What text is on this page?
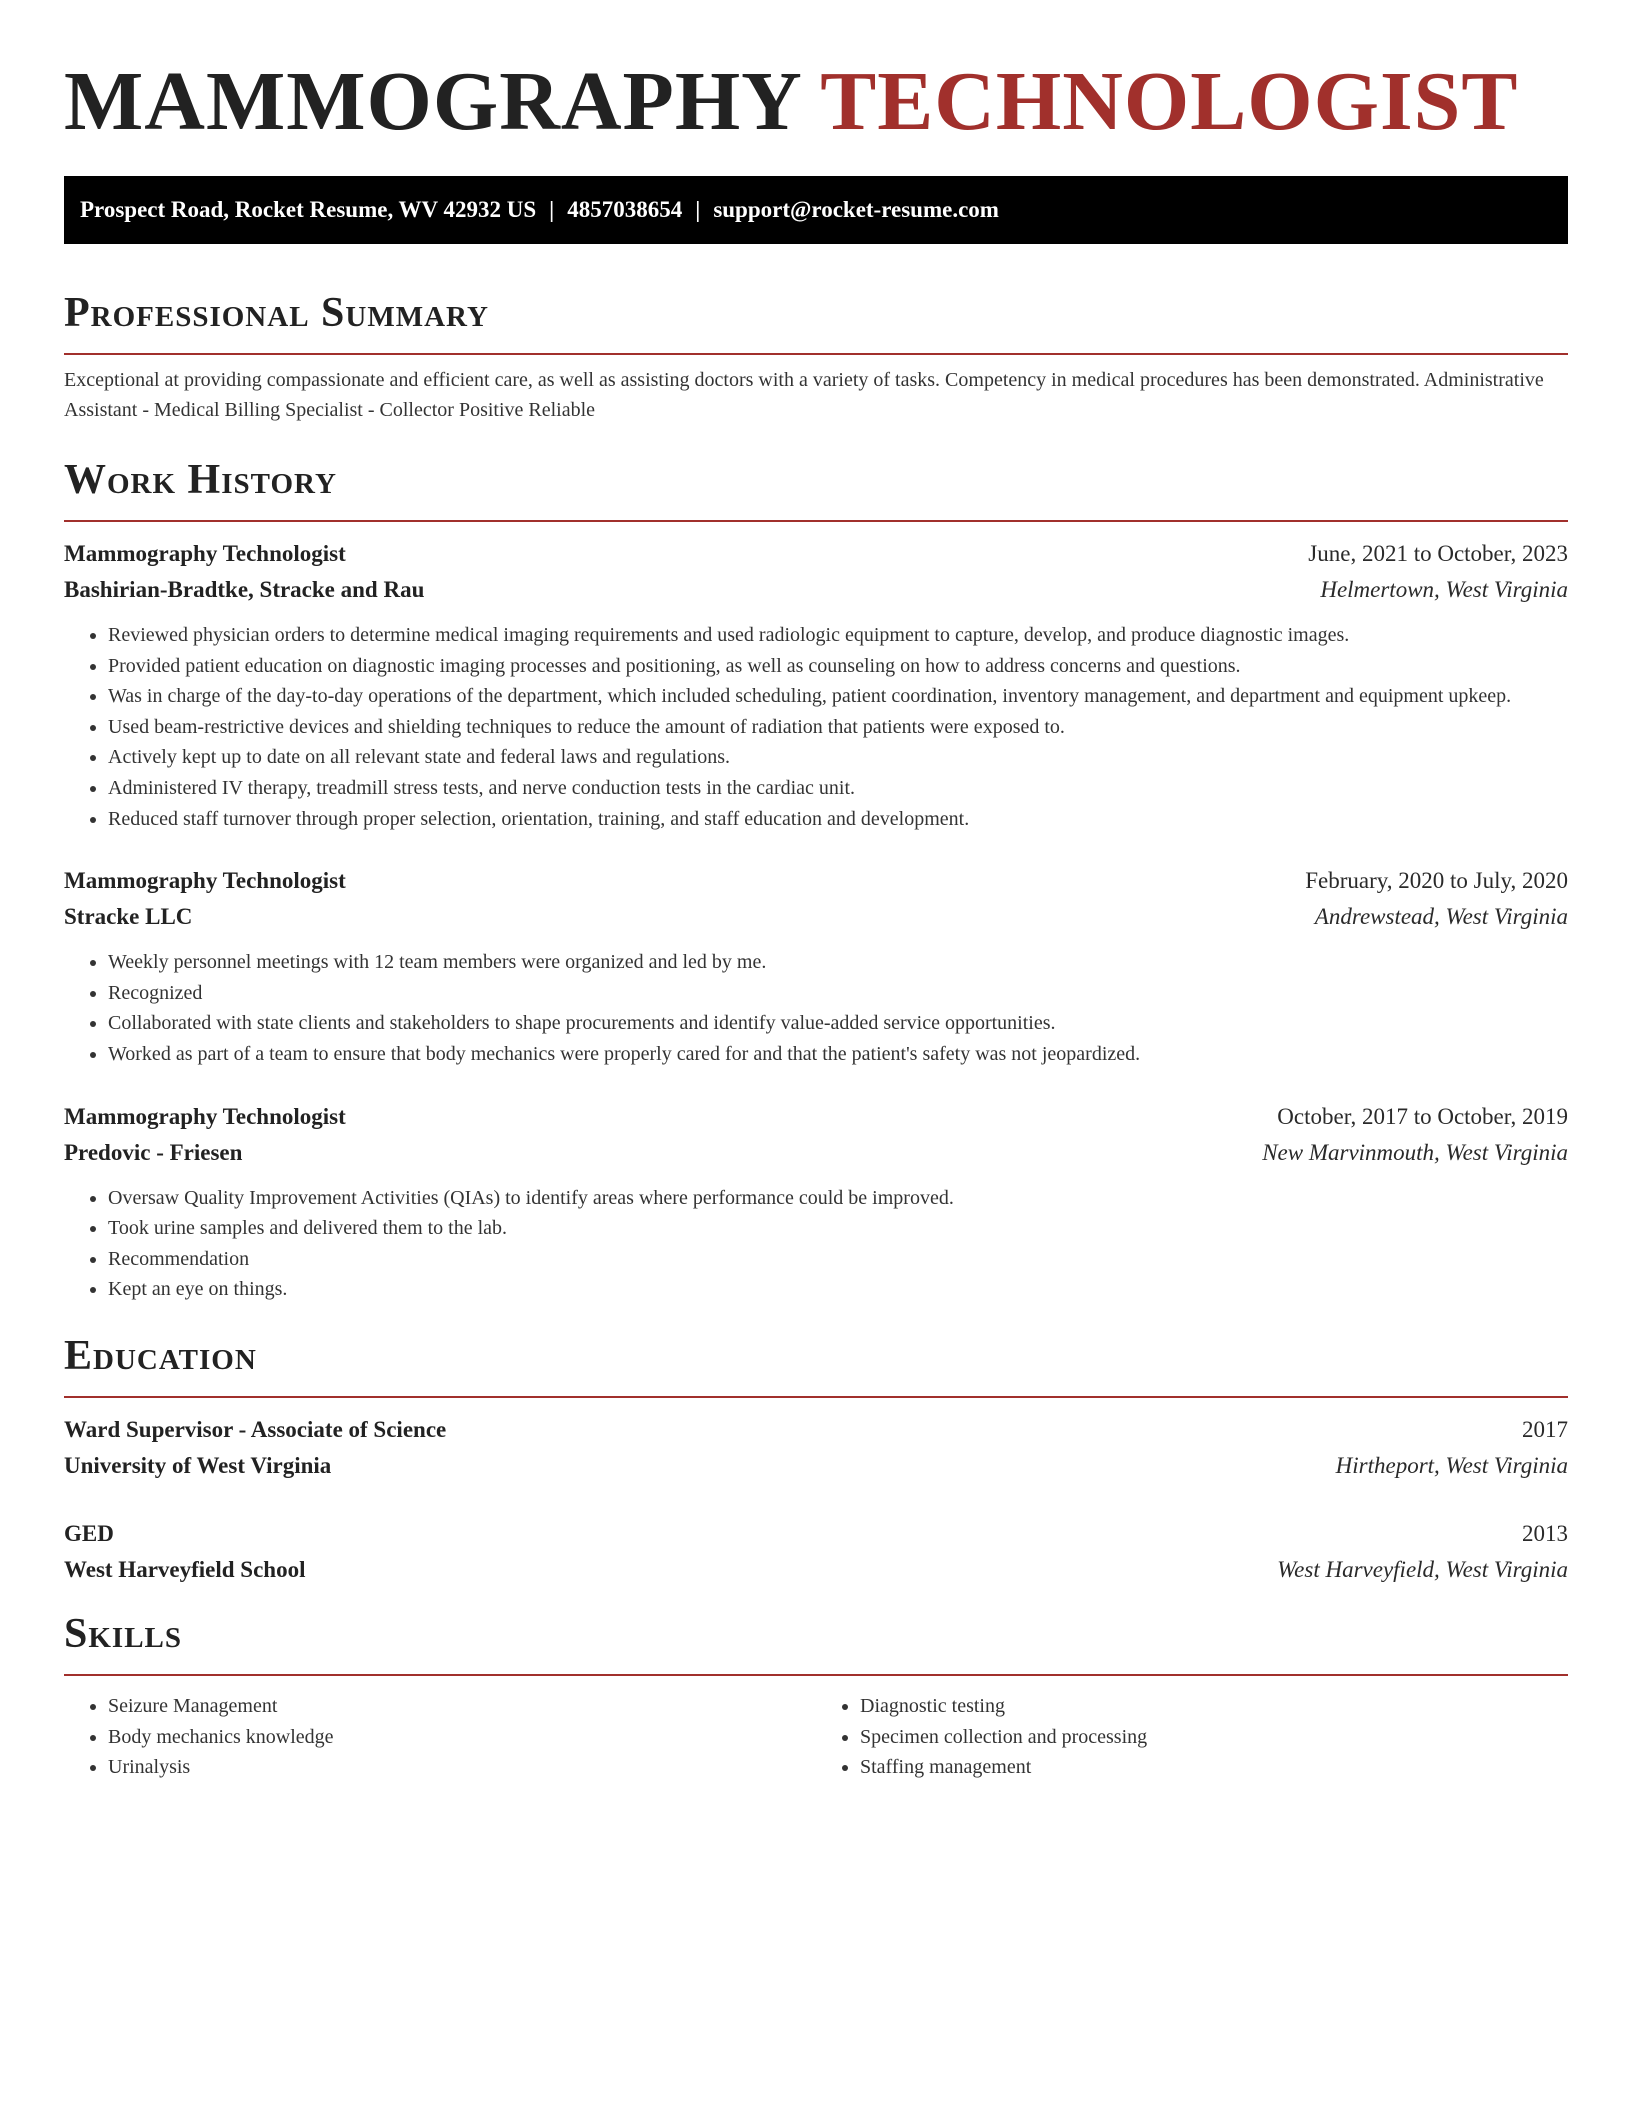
MAMMOGRAPHY TECHNOLOGIST
Prospect Road, Rocket Resume, WV 42932 US | 4857038654 | support@rocket-resume.com
Professional Summary

Exceptional at providing compassionate and efficient care, as well as assisting doctors with a variety of tasks. Competency in medical procedures has been demonstrated. Administrative Assistant - Medical Billing Specialist - Collector Positive Reliable

Work History
Mammography Technologist	June, 2021 to October, 2023
Bashirian-Bradtke, Stracke and Rau	Helmertown, West Virginia
• Reviewed physician orders to determine medical imaging requirements and used radiologic equipment to capture, develop, and produce diagnostic images.
• Provided patient education on diagnostic imaging processes and positioning, as well as counseling on how to address concerns and questions.
• Was in charge of the day-to-day operations of the department, which included scheduling, patient coordination, inventory management, and department and equipment upkeep.
• Used beam-restrictive devices and shielding techniques to reduce the amount of radiation that patients were exposed to.
• Actively kept up to date on all relevant state and federal laws and regulations.
• Administered IV therapy, treadmill stress tests, and nerve conduction tests in the cardiac unit.
• Reduced staff turnover through proper selection, orientation, training, and staff education and development.
Mammography Technologist	February, 2020 to July, 2020
Stracke LLC	Andrewstead, West Virginia
• Weekly personnel meetings with 12 team members were organized and led by me.
• Recognized
• Collaborated with state clients and stakeholders to shape procurements and identify value-added service opportunities.
• Worked as part of a team to ensure that body mechanics were properly cared for and that the patient's safety was not jeopardized.
Mammography Technologist	October, 2017 to October, 2019
Predovic - Friesen	New Marvinmouth, West Virginia
• Oversaw Quality Improvement Activities (QIAs) to identify areas where performance could be improved.
• Took urine samples and delivered them to the lab.
• Recommendation
• Kept an eye on things.
Education
Ward Supervisor - Associate of Science	2017
University of West Virginia	Hirtheport, West Virginia
GED	2013
West Harveyfield School	West Harveyfield, West Virginia
Skills
• Seizure Management
• Body mechanics knowledge
• Urinalysis
• Diagnostic testing
• Specimen collection and processing
• Staffing management
